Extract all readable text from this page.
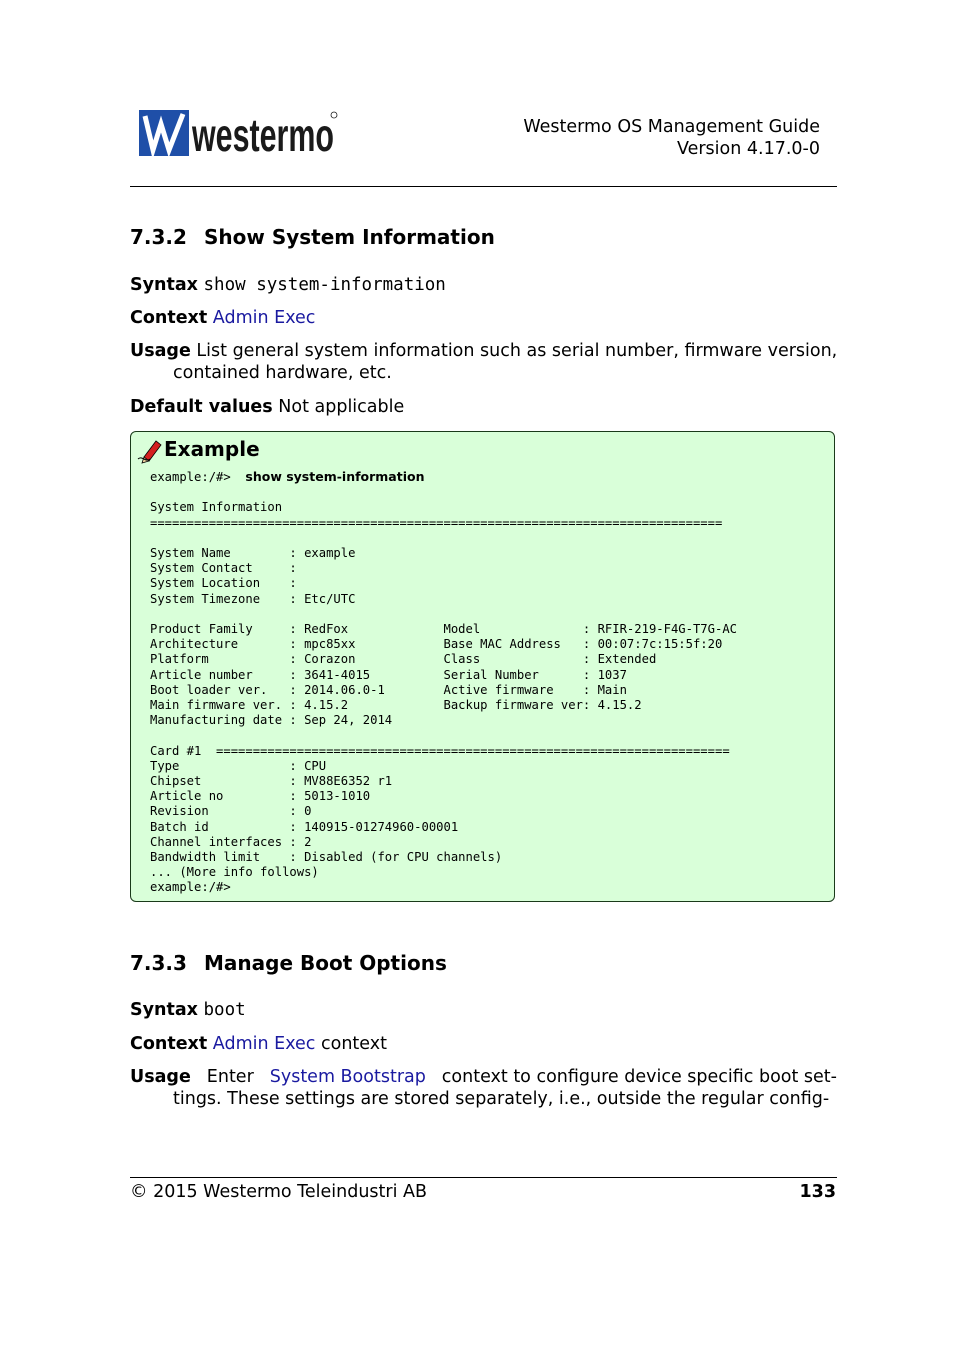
westermo	Westermo OS Management Guide
Version 4.17.0-0
7.3.2 Show System Information
Syntax show system-information
Context Admin Exec
Usage List general system information such as serial number, firmware version,
contained hardware, etc.
Default values Not applicable
Example
example:/#>  show system-information

System Information
==============================================================================

System Name        : example
System Contact     :
System Location    :
System Timezone    : Etc/UTC

Product Family     : RedFox             Model              : RFIR-219-F4G-T7G-AC
Architecture       : mpc85xx            Base MAC Address   : 00:07:7c:15:5f:20
Platform           : Corazon            Class              : Extended
Article number     : 3641-4015          Serial Number      : 1037
Boot loader ver.   : 2014.06.0-1        Active firmware    : Main
Main firmware ver. : 4.15.2             Backup firmware ver: 4.15.2
Manufacturing date : Sep 24, 2014

Card #1  ======================================================================
Type               : CPU
Chipset            : MV88E6352 r1
Article no         : 5013-1010
Revision           : 0
Batch id           : 140915-01274960-00001
Channel interfaces : 2
Bandwidth limit    : Disabled (for CPU channels)
... (More info follows)
example:/#>
7.3.3 Manage Boot Options
Syntax boot
Context Admin Exec context
Usage Enter System Bootstrap context to configure device specific boot set-
tings. These settings are stored separately, i.e., outside the regular config-
© 2015 Westermo Teleindustri AB	133
